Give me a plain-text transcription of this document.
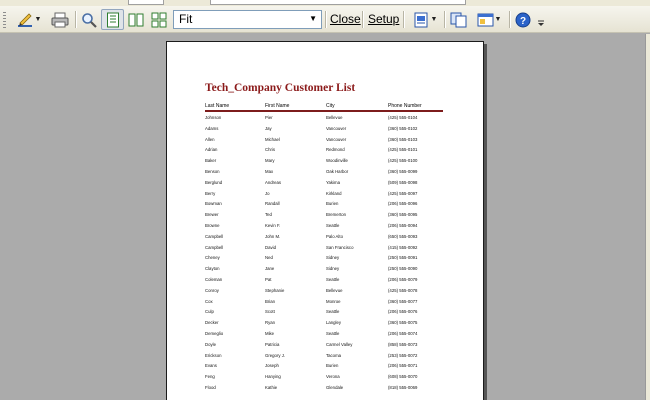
▼	Fit	▼ Close Setup	▼	▼ ?
Tech_Company Customer List
Last Name	First Name	City	Phone Number
Johnson	Pier	Bellevue	(425) 555-0104
Adams	Jay	Vancouver	(360) 555-0102
Allen	Michael	Vancouver	(360) 555-0103
Adrian	Chris	Redmond	(425) 555-0101
Baker	Mary	Woodinville	(425) 555-0100
Benson	Max	Oak Harbor	(360) 555-0099
Berglund	Andreas	Yakima	(509) 555-0098
Berry	Jo	Kirkland	(425) 555-0097
Bowman	Randall	Burien	(206) 555-0096
Brewer	Ted	Bremerton	(360) 555-0095
Browne	Kevin F.	Seattle	(206) 555-0094
Campbell	John M.	Palo Alto	(650) 555-0093
Campbell	David	San Francisco	(415) 555-0092
Cheney	Ned	Sidney	(250) 555-0091
Clayton	Jane	Sidney	(250) 555-0090
Coleman	Pat	Seattle	(206) 555-0079
Conroy	Stephanie	Bellevue	(425) 555-0078
Cox	Brian	Monroe	(360) 555-0077
Culp	Scott	Seattle	(206) 555-0076
Decker	Ryan	Langley	(360) 555-0075
Demeglio	Mike	Seattle	(206) 555-0074
Doyle	Patricia	Carmel Valley	(858) 555-0073
Erickson	Gregory J.	Tacoma	(253) 555-0072
Evans	Joseph	Burien	(206) 555-0071
Feng	Hanying	Verona	(608) 555-0070
Flood	Kathie	Glendale	(818) 555-0069
